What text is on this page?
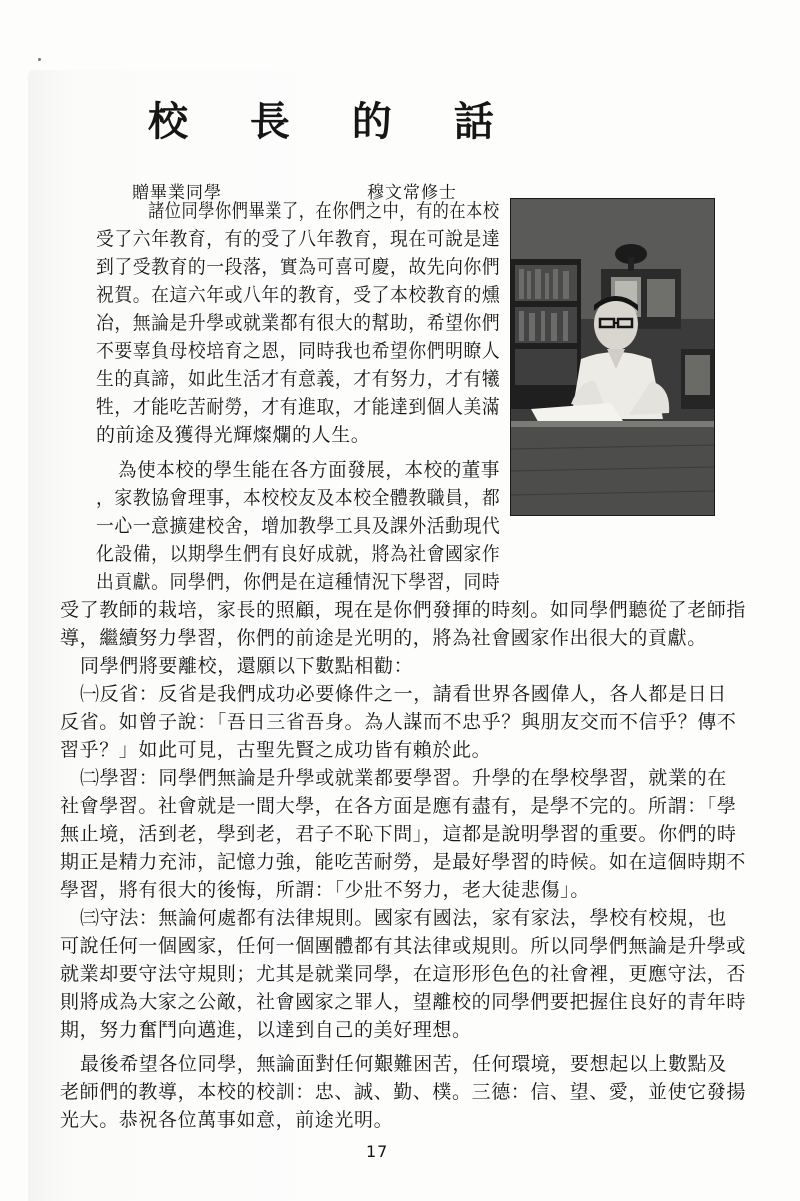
校 長 的 話
贈畢業同學	穆文常修士
諸位同學你們畢業了，在你們之中，有的在本校
受了六年教育，有的受了八年教育，現在可說是達
到了受教育的一段落，實為可喜可慶，故先向你們
祝賀。在這六年或八年的教育，受了本校教育的燻
冶，無論是升學或就業都有很大的幫助，希望你們
不要辜負母校培育之恩，同時我也希望你們明瞭人
生的真諦，如此生活才有意義，才有努力，才有犧
牲，才能吃苦耐勞，才有進取，才能達到個人美滿
的前途及獲得光輝燦爛的人生。
為使本校的學生能在各方面發展，本校的董事
，家教協會理事，本校校友及本校全體教職員，都
一心一意擴建校舍，增加教學工具及課外活動現代
化設備，以期學生們有良好成就，將為社會國家作
出貢獻。同學們，你們是在這種情況下學習，同時
受了教師的栽培，家長的照顧，現在是你們發揮的時刻。如同學們聽從了老師指
導，繼續努力學習，你們的前途是光明的，將為社會國家作出很大的貢獻。
同學們將要離校，還願以下數點相勸：
㈠反省：反省是我們成功必要條件之一，請看世界各國偉人，各人都是日日
反省。如曾子說：「吾日三省吾身。為人謀而不忠乎？與朋友交而不信乎？傳不
習乎？」如此可見，古聖先賢之成功皆有賴於此。
㈡學習：同學們無論是升學或就業都要學習。升學的在學校學習，就業的在
社會學習。社會就是一間大學，在各方面是應有盡有，是學不完的。所謂：「學
無止境，活到老，學到老，君子不恥下問」，這都是說明學習的重要。你們的時
期正是精力充沛，記憶力強，能吃苦耐勞，是最好學習的時候。如在這個時期不
學習，將有很大的後悔，所謂：「少壯不努力，老大徒悲傷」。
㈢守法：無論何處都有法律規則。國家有國法，家有家法，學校有校規，也
可說任何一個國家，任何一個團體都有其法律或規則。所以同學們無論是升學或
就業却要守法守規則；尤其是就業同學，在這形形色色的社會裡，更應守法，否
則將成為大家之公敵，社會國家之罪人，望離校的同學們要把握住良好的青年時
期，努力奮鬥向邁進，以達到自己的美好理想。
最後希望各位同學，無論面對任何艱難困苦，任何環境，要想起以上數點及
老師們的教導，本校的校訓：忠、誠、勤、樸。三德：信、望、愛，並使它發揚
光大。恭祝各位萬事如意，前途光明。
17
